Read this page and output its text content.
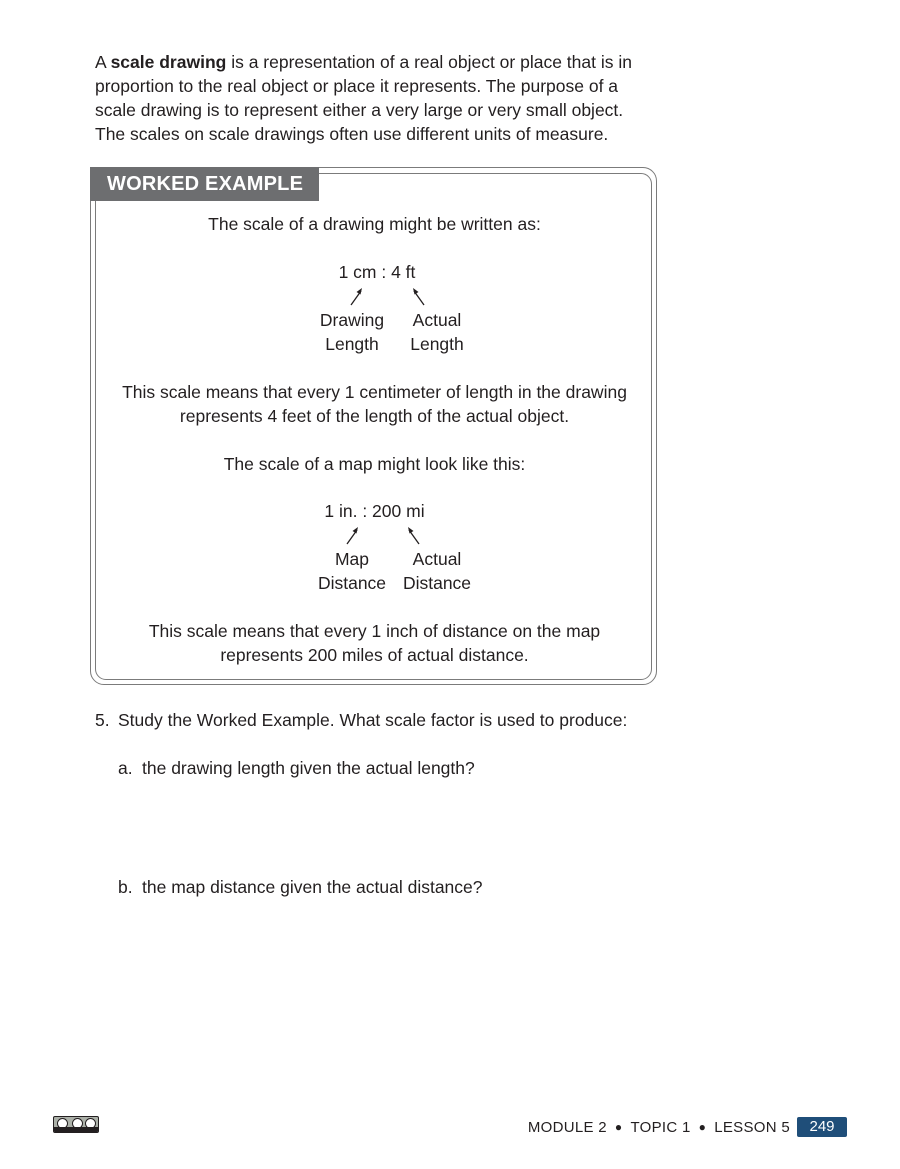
A scale drawing is a representation of a real object or place that is in proportion to the real object or place it represents. The purpose of a scale drawing is to represent either a very large or very small object. The scales on scale drawings often use different units of measure.

WORKED EXAMPLE

The scale of a drawing might be written as:

1 cm : 4 ft

Drawing
Length
Actual
Length

This scale means that every 1 centimeter of length in the drawing

represents 4 feet of the length of the actual object.

The scale of a map might look like this:

1 in. : 200 mi

Map
Distance
Actual
Distance

This scale means that every 1 inch of distance on the map

represents 200 miles of actual distance.

5. Study the Worked Example. What scale factor is used to produce:
a. the drawing length given the actual length?
b. the map distance given the actual distance?
MODULE 2 ● TOPIC 1 ● LESSON 5	249
